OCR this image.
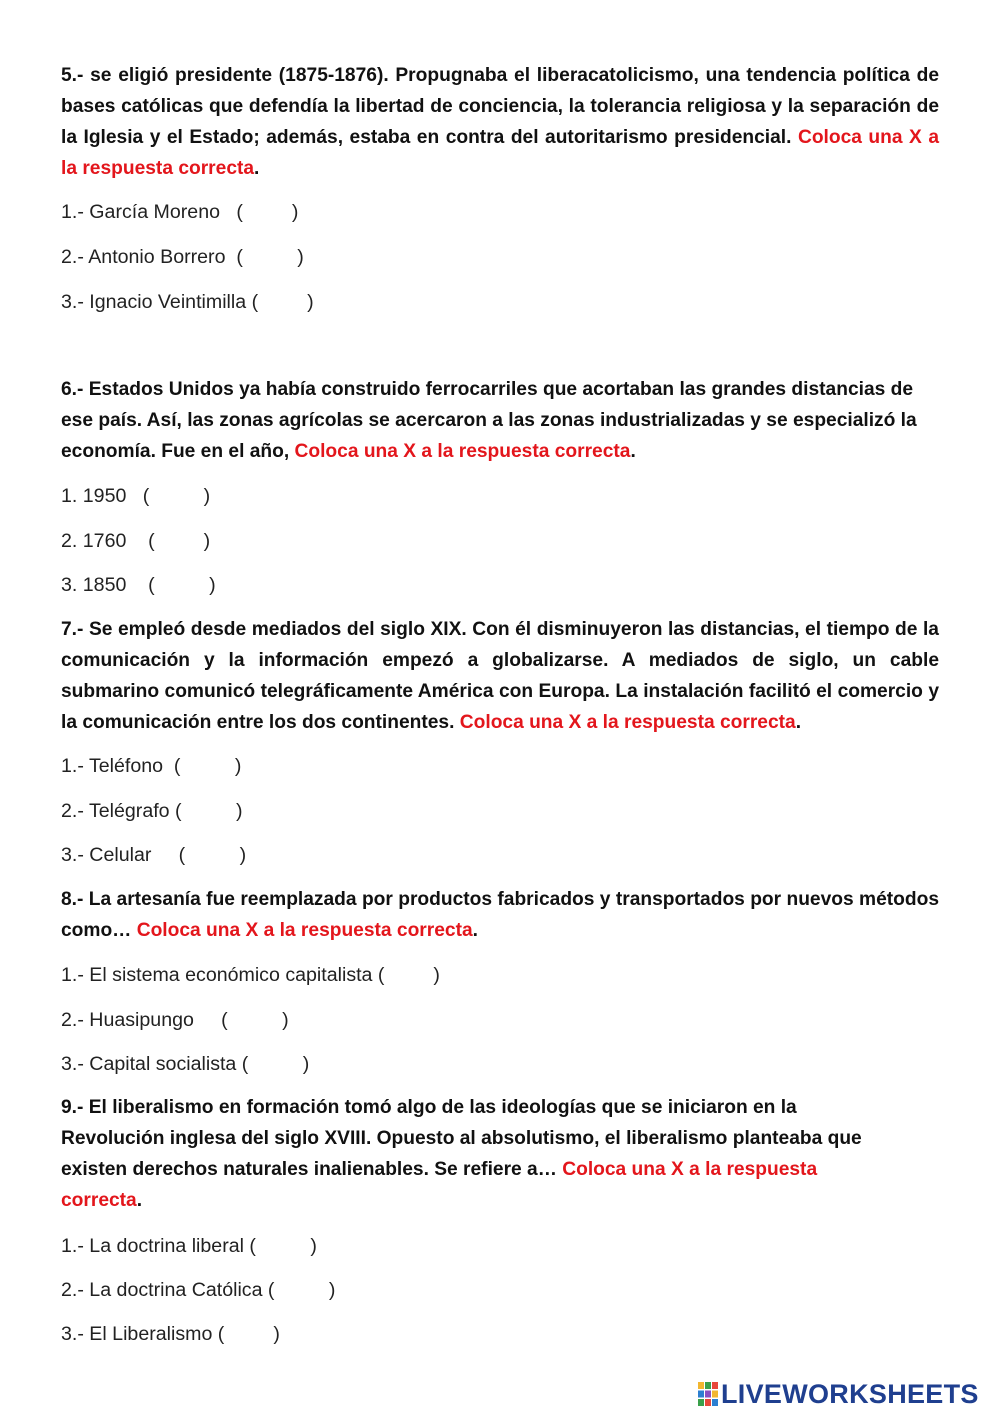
5.- se eligió presidente (1875-1876). Propugnaba el liberacatolicismo, una tendencia política de bases católicas que defendía la libertad de conciencia, la tolerancia religiosa y la separación de la Iglesia y el Estado; además, estaba en contra del autoritarismo presidencial. Coloca una X a la respuesta correcta.
1.- García Moreno   (         )
2.- Antonio Borrero  (          )
3.- Ignacio Veintimilla (         )
6.- Estados Unidos ya había construido ferrocarriles que acortaban las grandes distancias de ese país. Así, las zonas agrícolas se acercaron a las zonas industrializadas y se especializó la economía. Fue en el año, Coloca una X a la respuesta correcta.
1. 1950   (          )
2. 1760    (         )
3. 1850    (          )
7.- Se empleó desde mediados del siglo XIX. Con él disminuyeron las distancias, el tiempo de la comunicación y la información empezó a globalizarse. A mediados de siglo, un cable submarino comunicó telegráficamente América con Europa. La instalación facilitó el comercio y la comunicación entre los dos continentes. Coloca una X a la respuesta correcta.
1.- Teléfono  (          )
2.- Telégrafo (          )
3.- Celular     (          )
8.- La artesanía fue reemplazada por productos fabricados y transportados por nuevos métodos como… Coloca una X a la respuesta correcta.
1.- El sistema económico capitalista (         )
2.- Huasipungo     (          )
3.- Capital socialista (          )
9.- El liberalismo en formación tomó algo de las ideologías que se iniciaron en la Revolución inglesa del siglo XVIII. Opuesto al absolutismo, el liberalismo planteaba que existen derechos naturales inalienables. Se refiere a… Coloca una X a la respuesta correcta.
1.- La doctrina liberal (          )
2.- La doctrina Católica (          )
3.- El Liberalismo (         )
LIVEWORKSHEETS
